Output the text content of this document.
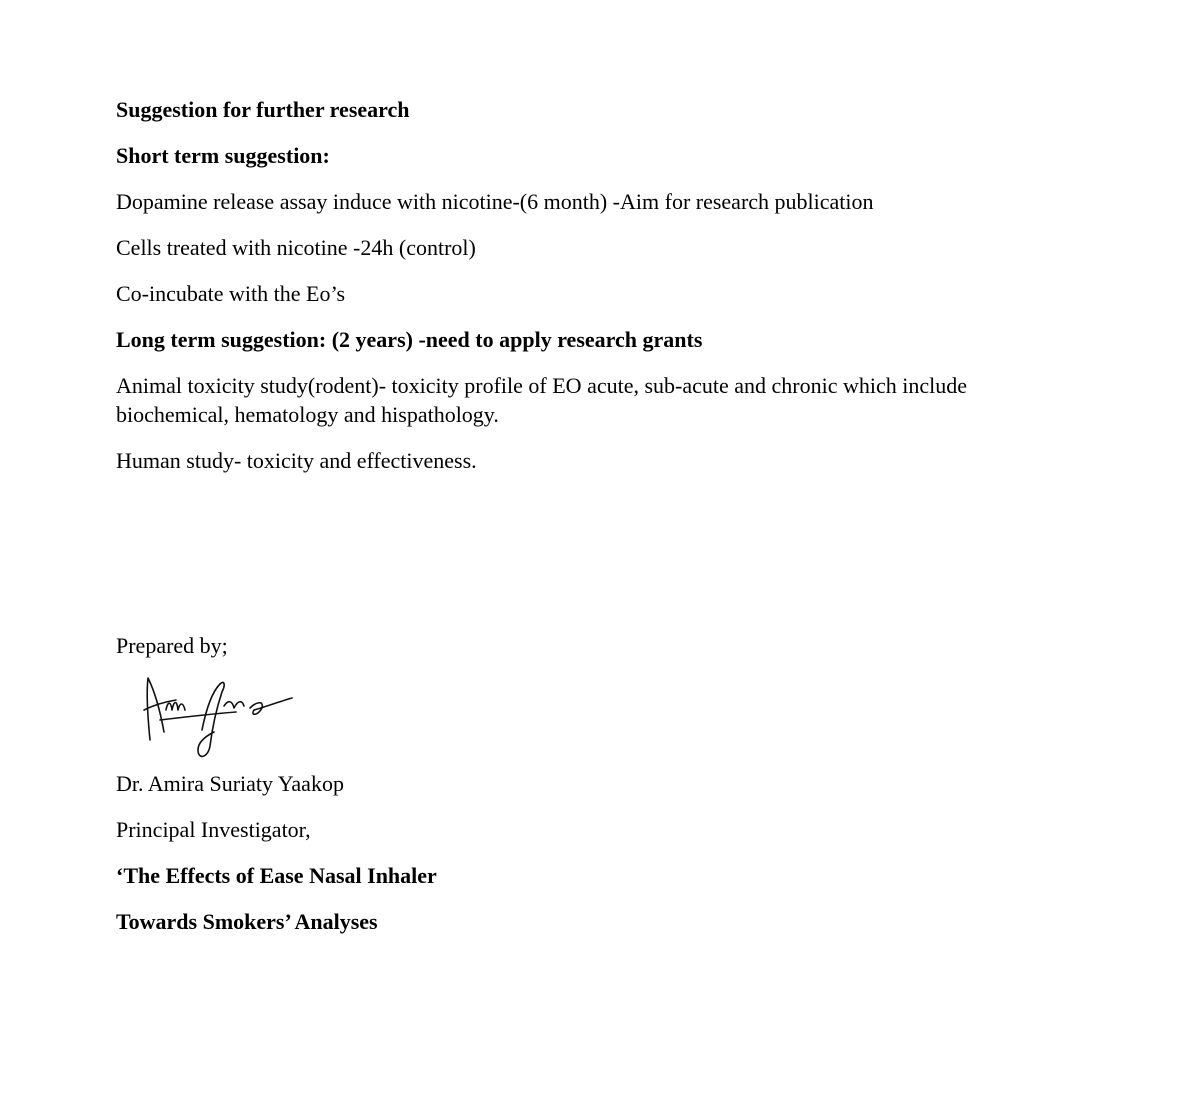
Suggestion for further research

Short term suggestion:

Dopamine release assay induce with nicotine-(6 month) -Aim for research publication

Cells treated with nicotine -24h (control)

Co-incubate with the Eo’s

Long term suggestion: (2 years) -need to apply research grants

Animal toxicity study(rodent)- toxicity profile of EO acute, sub-acute and chronic which include biochemical, hematology and hispathology.

Human study- toxicity and effectiveness.

Prepared by;

Dr. Amira Suriaty Yaakop

Principal Investigator,

‘The Effects of Ease Nasal Inhaler

Towards Smokers’ Analyses
